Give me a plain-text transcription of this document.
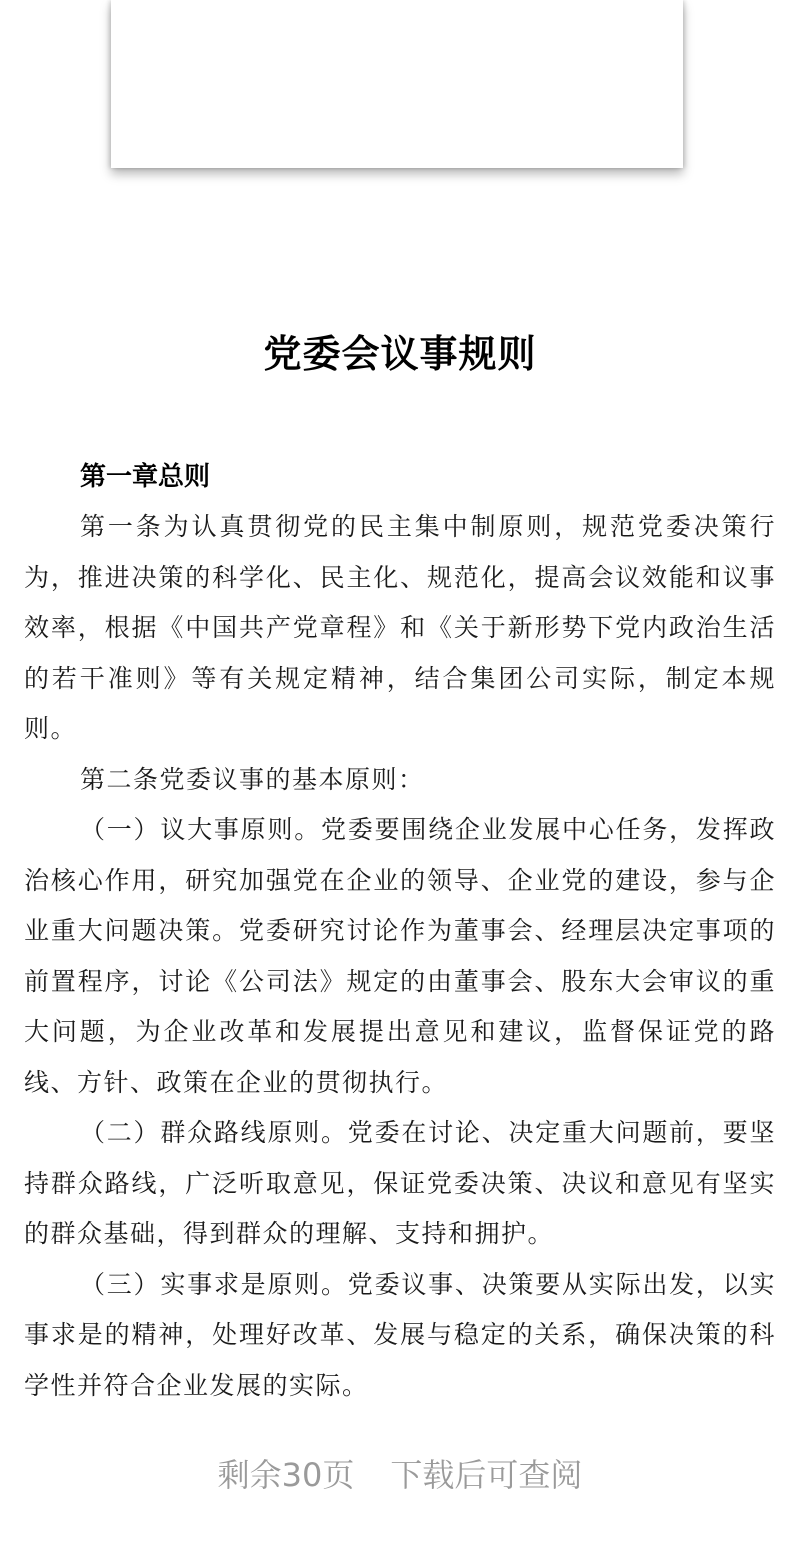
党委会议事规则
第一章总则

第一条为认真贯彻党的民主集中制原则，规范党委决策行为，推进决策的科学化、民主化、规范化，提高会议效能和议事效率，根据《中国共产党章程》和《关于新形势下党内政治生活的若干准则》等有关规定精神，结合集团公司实际，制定本规则。

第二条党委议事的基本原则：

（一）议大事原则。党委要围绕企业发展中心任务，发挥政治核心作用，研究加强党在企业的领导、企业党的建设，参与企业重大问题决策。党委研究讨论作为董事会、经理层决定事项的前置程序，讨论《公司法》规定的由董事会、股东大会审议的重大问题，为企业改革和发展提出意见和建议，监督保证党的路线、方针、政策在企业的贯彻执行。

（二）群众路线原则。党委在讨论、决定重大问题前，要坚持群众路线，广泛听取意见，保证党委决策、决议和意见有坚实的群众基础，得到群众的理解、支持和拥护。

（三）实事求是原则。党委议事、决策要从实际出发，以实事求是的精神，处理好改革、发展与稳定的关系，确保决策的科学性并符合企业发展的实际。

剩余30页 下载后可查阅
